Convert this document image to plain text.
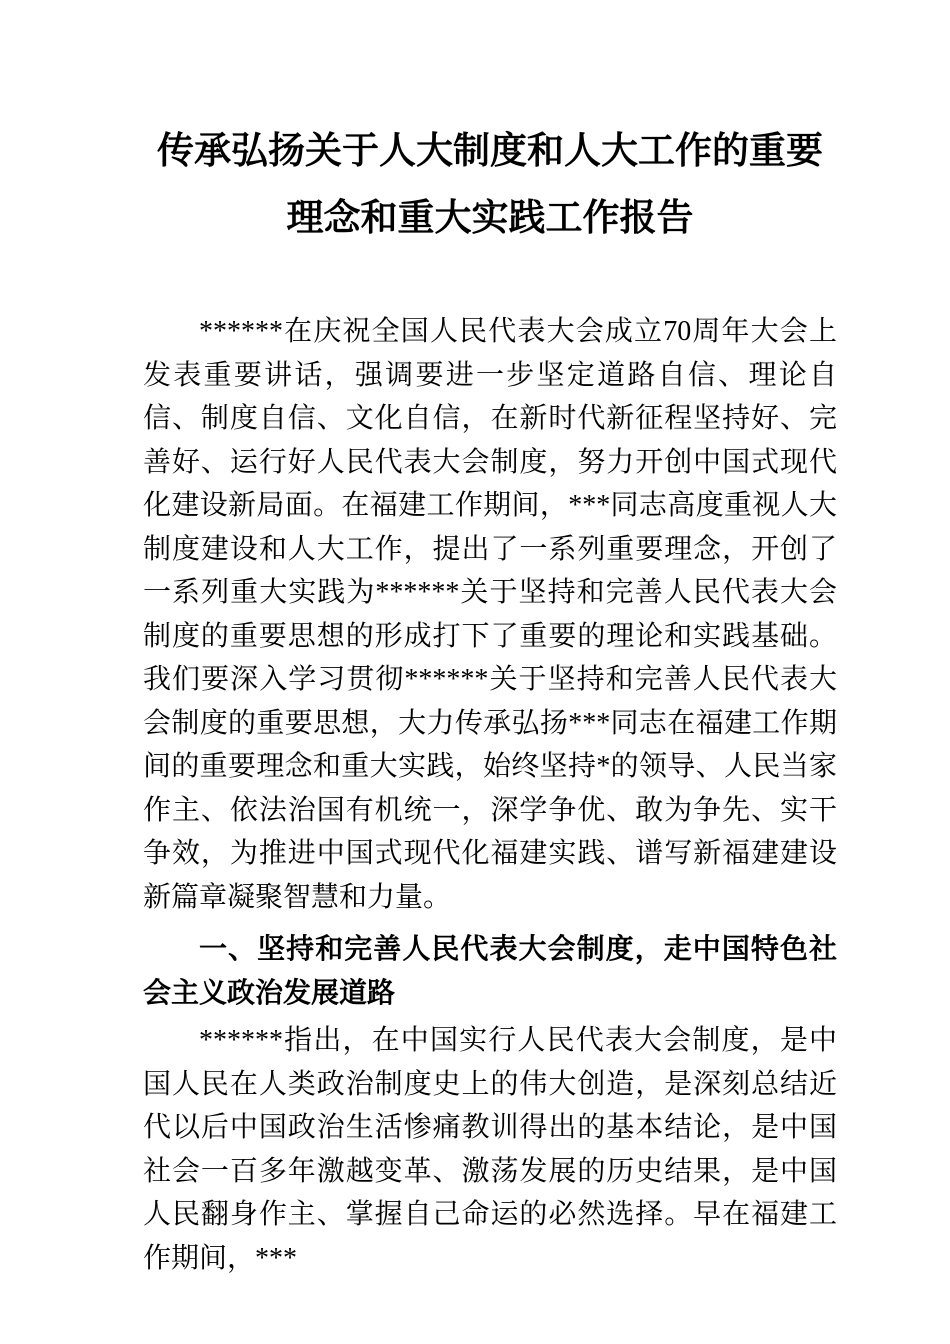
传承弘扬关于人大制度和人大工作的重要
理念和重大实践工作报告

******在庆祝全国人民代表大会成立70周年大会上发表重要讲话，强调要进一步坚定道路自信、理论自信、制度自信、文化自信，在新时代新征程坚持好、完善好、运行好人民代表大会制度，努力开创中国式现代化建设新局面。在福建工作期间，***同志高度重视人大制度建设和人大工作，提出了一系列重要理念，开创了一系列重大实践为******关于坚持和完善人民代表大会制度的重要思想的形成打下了重要的理论和实践基础。我们要深入学习贯彻******关于坚持和完善人民代表大会制度的重要思想，大力传承弘扬***同志在福建工作期间的重要理念和重大实践，始终坚持*的领导、人民当家作主、依法治国有机统一，深学争优、敢为争先、实干争效，为推进中国式现代化福建实践、谱写新福建建设新篇章凝聚智慧和力量。

一、坚持和完善人民代表大会制度，走中国特色社会主义政治发展道路

******指出，在中国实行人民代表大会制度，是中国人民在人类政治制度史上的伟大创造，是深刻总结近代以后中国政治生活惨痛教训得出的基本结论，是中国社会一百多年激越变革、激荡发展的历史结果，是中国人民翻身作主、掌握自己命运的必然选择。早在福建工作期间，***
